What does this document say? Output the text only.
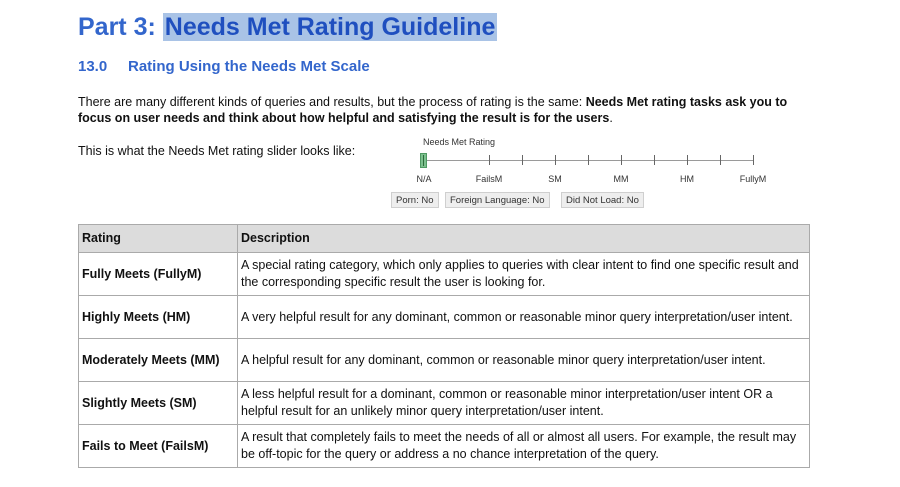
Part 3: Needs Met Rating Guideline
13.0 Rating Using the Needs Met Scale
There are many different kinds of queries and results, but the process of rating is the same: Needs Met rating tasks ask you to focus on user needs and think about how helpful and satisfying the result is for the users.
This is what the Needs Met rating slider looks like:
Needs Met Rating
N/A	FailsM	SM	MM	HM	FullyM
Porn: No	Foreign Language: No	Did Not Load: No
Rating	Description
Fully Meets (FullyM)	A special rating category, which only applies to queries with clear intent to find one specific result and the corresponding specific result the user is looking for.
Highly Meets (HM)	A very helpful result for any dominant, common or reasonable minor query interpretation/user intent.
Moderately Meets (MM)	A helpful result for any dominant, common or reasonable minor query interpretation/user intent.
Slightly Meets (SM)	A less helpful result for a dominant, common or reasonable minor interpretation/user intent OR a helpful result for an unlikely minor query interpretation/user intent.
Fails to Meet (FailsM)	A result that completely fails to meet the needs of all or almost all users. For example, the result may be off-topic for the query or address a no chance interpretation of the query.
